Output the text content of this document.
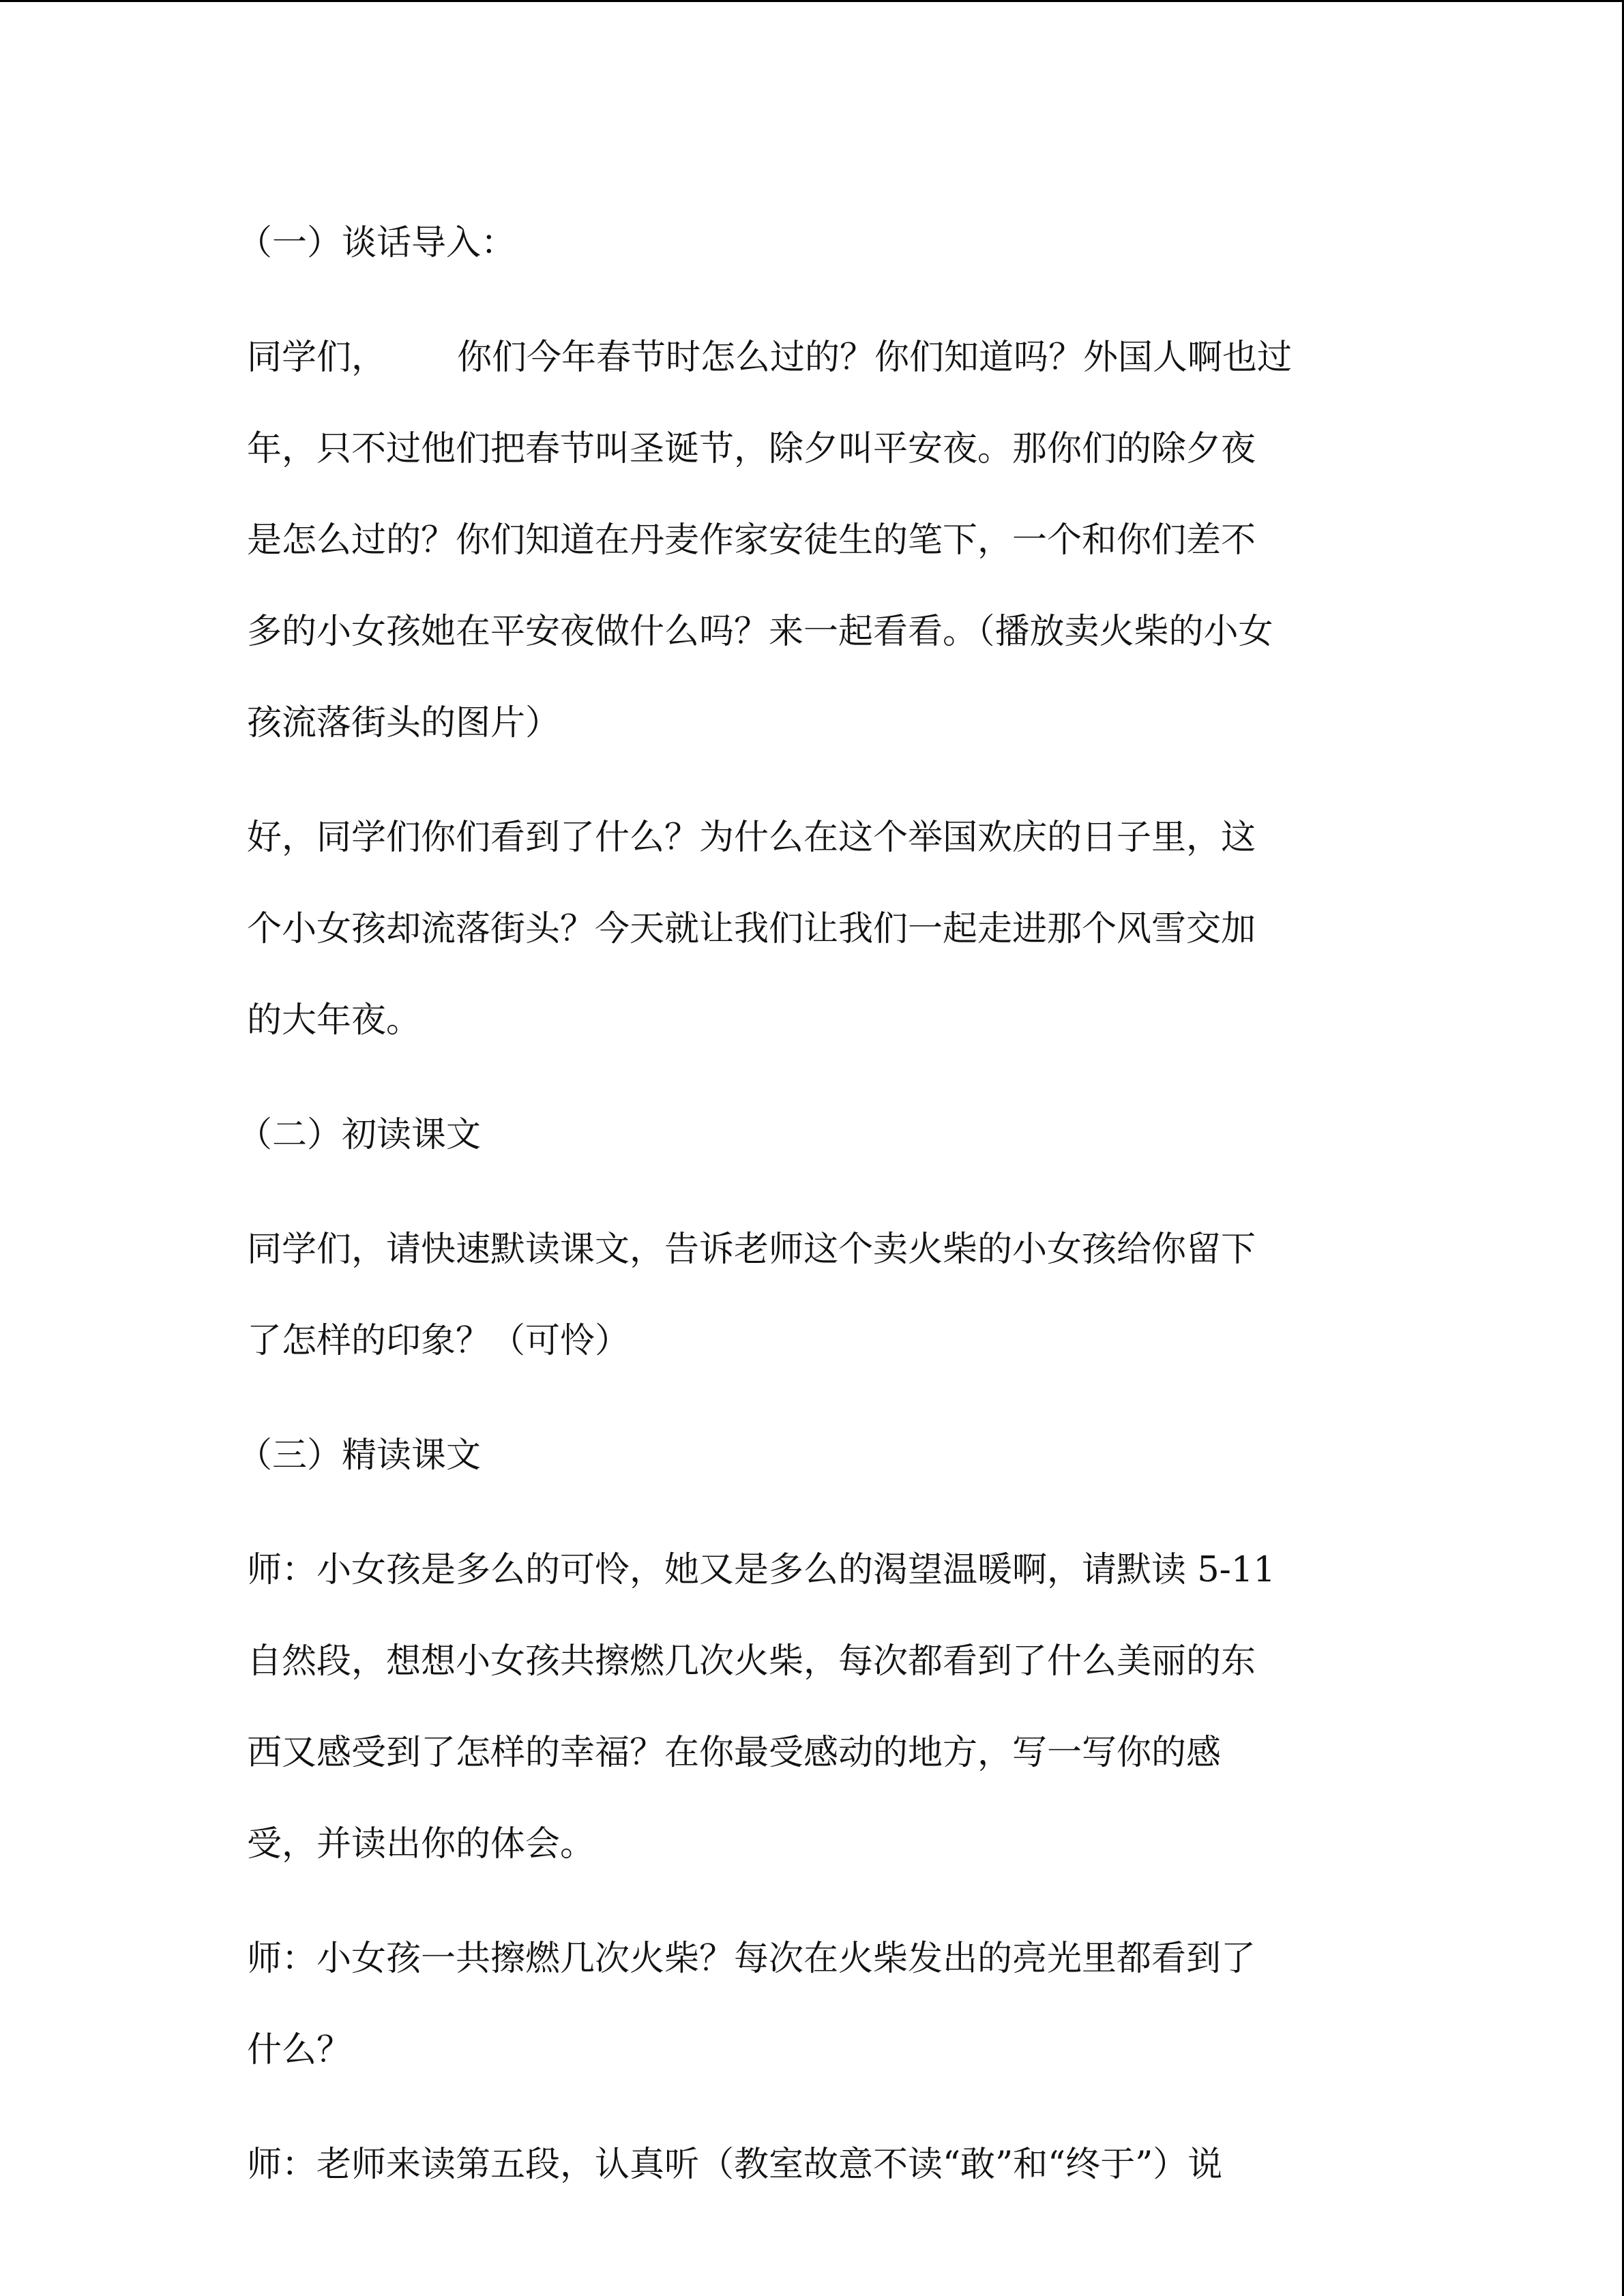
（一）谈话导入：

同学们， 你们今年春节时怎么过的？你们知道吗？外国人啊也过

年，只不过他们把春节叫圣诞节，除夕叫平安夜。那你们的除夕夜

是怎么过的？你们知道在丹麦作家安徒生的笔下，一个和你们差不

多的小女孩她在平安夜做什么吗？来一起看看。（播放卖火柴的小女

孩流落街头的图片）

好，同学们你们看到了什么？为什么在这个举国欢庆的日子里，这

个小女孩却流落街头？今天就让我们让我们一起走进那个风雪交加

的大年夜。

（二）初读课文

同学们，请快速默读课文，告诉老师这个卖火柴的小女孩给你留下

了怎样的印象？（可怜）

（三）精读课文

师：小女孩是多么的可怜，她又是多么的渴望温暖啊，请默读 5-11

自然段，想想小女孩共擦燃几次火柴，每次都看到了什么美丽的东

西又感受到了怎样的幸福？在你最受感动的地方，写一写你的感

受，并读出你的体会。

师：小女孩一共擦燃几次火柴？每次在火柴发出的亮光里都看到了

什么？

师：老师来读第五段，认真听（教室故意不读“敢”和“终于”）说
